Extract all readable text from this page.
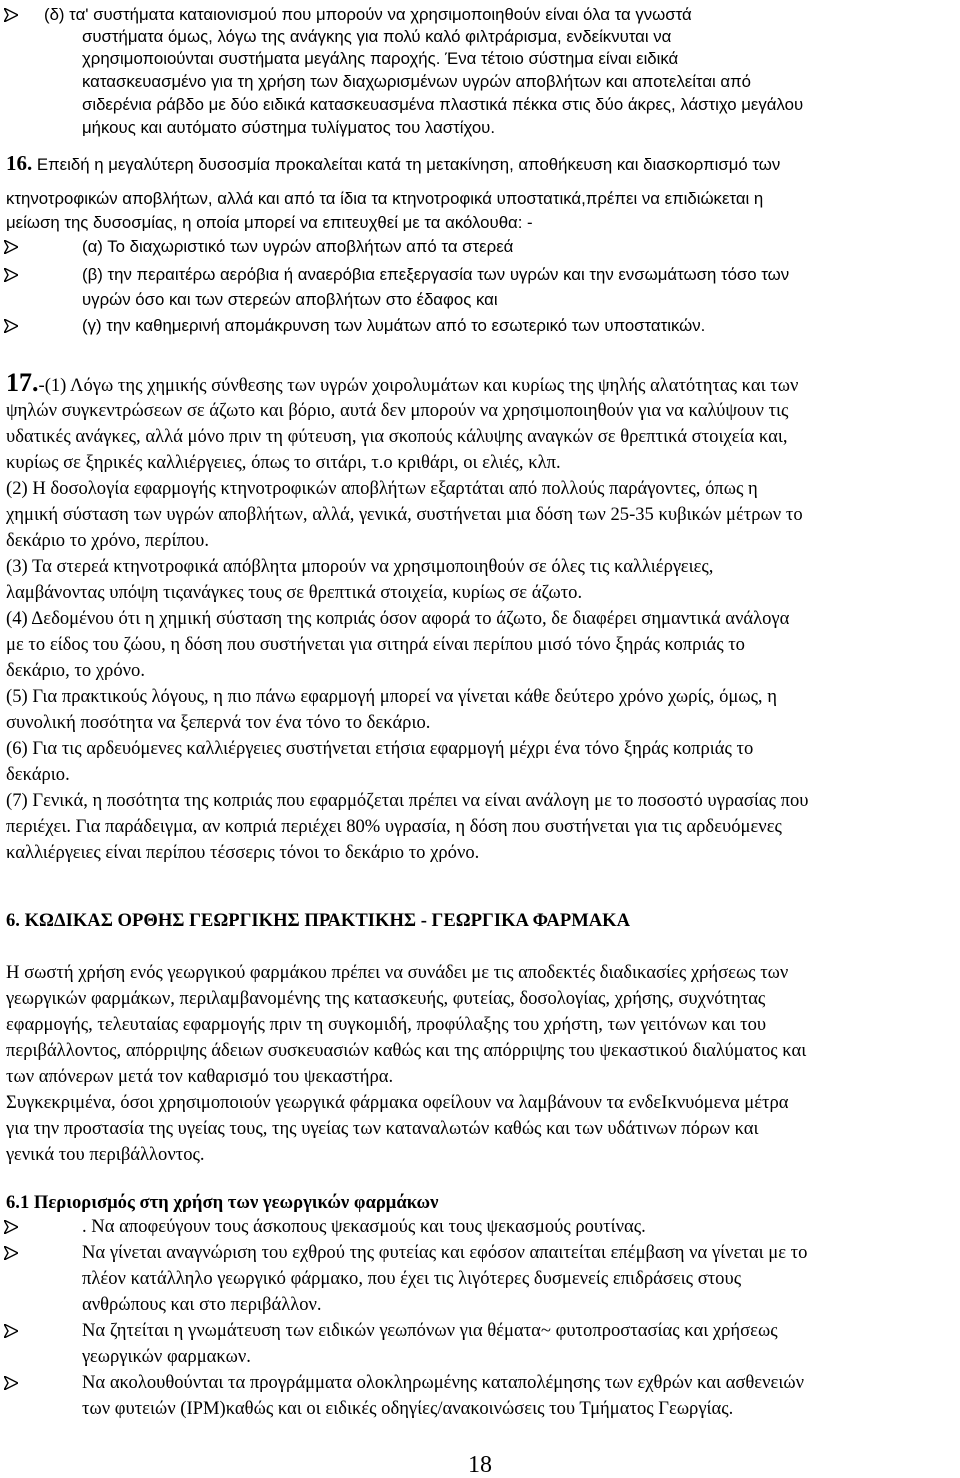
(δ) τα' συστήματα καταιονισμού που μπορούν να χρησιμοποιηθούν είναι όλα τα γνωστά
συστήματα όμως, λόγω της ανάγκης για πολύ καλό φιλτράρισμα, ενδείκνυται να
χρησιμοποιούνται συστήματα μεγάλης παροχής. Ένα τέτοιο σύστημα είναι ειδικά
κατασκευασμένο για τη χρήση των διαχωρισμένων υγρών αποβλήτων και αποτελείται από
σιδερένια ράβδο με δύο ειδικά κατασκευασμένα πλαστικά πέκκα στις δύο άκρες, λάστιχο μεγάλου
μήκους και αυτόματο σύστημα τυλίγματος του λαστίχου.
16. Επειδή η μεγαλύτερη δυσοσμία προκαλείται κατά τη μετακίνηση, αποθήκευση και διασκορπισμό των
κτηνοτροφικών αποβλήτων, αλλά και από τα ίδια τα κτηνοτροφικά υποστατικά,πρέπει να επιδιώκεται η
μείωση της δυσοσμίας, η οποία μπορεί να επιτευχθεί με τα ακόλουθα: -
(α) Το διαχωριστικό των υγρών αποβλήτων από τα στερεά
(β) την περαιτέρω αερόβια ή αναερόβια επεξεργασία των υγρών και την ενσωμάτωση τόσο των
υγρών όσο και των στερεών αποβλήτων στο έδαφος και
(γ) την καθημερινή απομάκρυνση των λυμάτων από το εσωτερικό των υποστατικών.
17.-(1) Λόγω της χημικής σύνθεσης των υγρών χοιρολυμάτων και κυρίως της ψηλής αλατότητας και των
ψηλών συγκεντρώσεων σε άζωτο και βόριο, αυτά δεν μπορούν να χρησιμοποιηθούν για να καλύψουν τις
υδατικές ανάγκες, αλλά μόνο πριν τη φύτευση, για σκοπούς κάλυψης αναγκών σε θρεπτικά στοιχεία και,
κυρίως σε ξηρικές καλλιέργειες, όπως το σιτάρι, τ.ο κριθάρι, οι ελιές, κλπ.
(2) Η δοσολογία εφαρμογής κτηνοτροφικών αποβλήτων εξαρτάται από πολλούς παράγοντες, όπως η
χημική σύσταση των υγρών αποβλήτων, αλλά, γενικά, συστήνεται μια δόση των 25-35 κυβικών μέτρων το
δεκάριο το χρόνο, περίπου.
(3) Τα στερεά κτηνοτροφικά απόβλητα μπορούν να χρησιμοποιηθούν σε όλες τις καλλιέργειες,
λαμβάνοντας υπόψη τιςανάγκες τους σε θρεπτικά στοιχεία, κυρίως σε άζωτο.
(4) Δεδομένου ότι η χημική σύσταση της κοπριάς όσον αφορά το άζωτο, δε διαφέρει σημαντικά ανάλογα
με το είδος του ζώου, η δόση που συστήνεται για σιτηρά είναι περίπου μισό τόνο ξηράς κοπριάς το
δεκάριο, το χρόνο.
(5) Για πρακτικούς λόγους, η πιο πάνω εφαρμογή μπορεί να γίνεται κάθε δεύτερο χρόνο χωρίς, όμως, η
συνολική ποσότητα να ξεπερνά τον ένα τόνο το δεκάριο.
(6) Για τις αρδευόμενες καλλιέργειες συστήνεται ετήσια εφαρμογή μέχρι ένα τόνο ξηράς κοπριάς το
δεκάριο.
(7) Γενικά, η ποσότητα της κοπριάς που εφαρμόζεται πρέπει να είναι ανάλογη με το ποσοστό υγρασίας που
περιέχει. Για παράδειγμα, αν κοπριά περιέχει 80% υγρασία, η δόση που συστήνεται για τις αρδευόμενες
καλλιέργειες είναι περίπου τέσσερις τόνοι το δεκάριο το χρόνο.
6. ΚΩΔΙΚΑΣ ΟΡΘΗΣ ΓΕΩΡΓΙΚΗΣ ΠΡΑΚΤΙΚΗΣ - ΓΕΩΡΓΙΚΑ ΦΑΡΜΑΚΑ
Η σωστή χρήση ενός γεωργικού φαρμάκου πρέπει να συνάδει με τις αποδεκτές διαδικασίες χρήσεως των
γεωργικών φαρμάκων, περιλαμβανομένης της κατασκευής, φυτείας, δοσολογίας, χρήσης, συχνότητας
εφαρμογής, τελευταίας εφαρμογής πριν τη συγκομιδή, προφύλαξης του χρήστη, των γειτόνων και του
περιβάλλοντος, απόρριψης άδειων συσκευασιών καθώς και της απόρριψης του ψεκαστικού διαλύματος και
των απόνερων μετά τον καθαρισμό του ψεκαστήρα.
Συγκεκριμένα, όσοι χρησιμοποιούν γεωργικά φάρμακα οφείλουν να λαμβάνουν τα ενδεΙκνυόμενα μέτρα
για την προστασία της υγείας τους, της υγείας των καταναλωτών καθώς και των υδάτινων πόρων και
γενικά του περιβάλλοντος.
6.1 Περιορισμός στη χρήση των γεωργικών φαρμάκων
. Να αποφεύγουν τους άσκοπους ψεκασμούς και τους ψεκασμούς ρουτίνας.
Να γίνεται αναγνώριση του εχθρού της φυτείας και εφόσον απαιτείται επέμβαση να γίνεται με το
πλέον κατάλληλο γεωργικό φάρμακο, που έχει τις λιγότερες δυσμενείς επιδράσεις στους
ανθρώπους και στο περιβάλλον.
Να ζητείται η γνωμάτευση των ειδικών γεωπόνων για θέματα~ φυτοπροστασίας και χρήσεως
γεωργικών φαρμακων.
Να ακολουθούνται τα προγράμματα ολοκληρωμένης καταπολέμησης των εχθρών και ασθενειών
των φυτειών (ΙΡΜ)καθώς και οι ειδικές οδηγίες/ανακοινώσεις του Τμήματος Γεωργίας.
18
